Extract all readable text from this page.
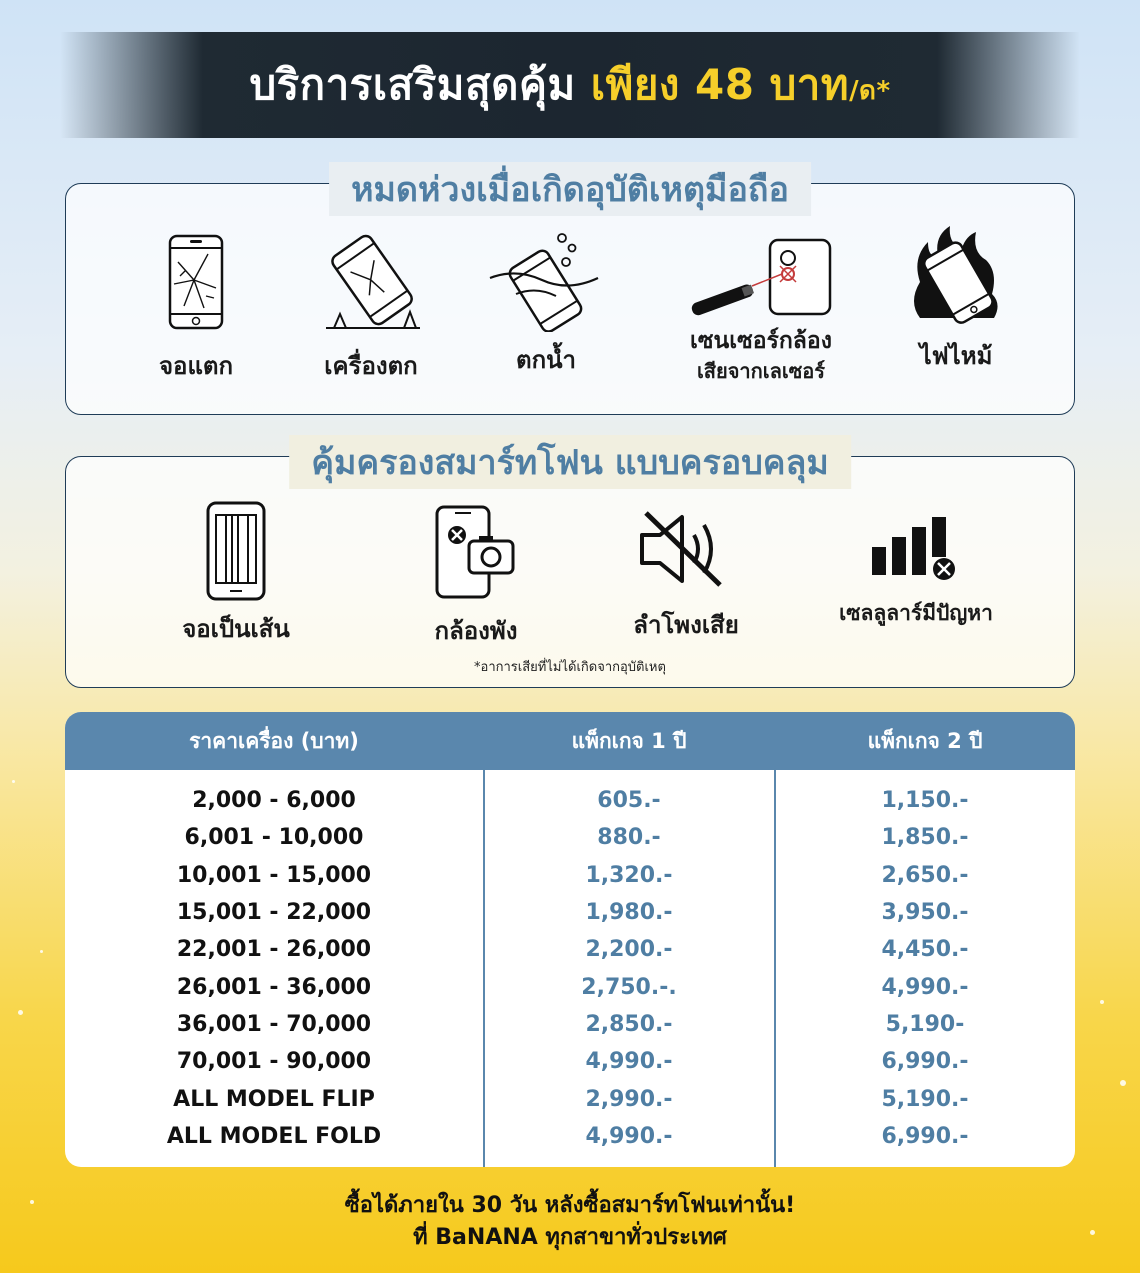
บริการเสริมสุดคุ้ม เพียง 48 บาท/ด*
หมดห่วงเมื่อเกิดอุบัติเหตุมือถือ
จอแตก	เครื่องตก	ตกน้ำ
เซนเซอร์กล้อง
เสียจากเลเซอร์
ไฟไหม้
คุ้มครองสมาร์ทโฟน แบบครอบคลุม
จอเป็นเส้น	กล้องพัง	ลำโพงเสีย	เซลลูลาร์มีปัญหา
*อาการเสียที่ไม่ได้เกิดจากอุบัติเหตุ
ราคาเครื่อง (บาท)	แพ็กเกจ 1 ปี	แพ็กเกจ 2 ปี
2,000 - 6,000	605.-	1,150.-
6,001 - 10,000	880.-	1,850.-
10,001 - 15,000	1,320.-	2,650.-
15,001 - 22,000	1,980.-	3,950.-
22,001 - 26,000	2,200.-	4,450.-
26,001 - 36,000	2,750.-.	4,990.-
36,001 - 70,000	2,850.-	5,190-
70,001 - 90,000	4,990.-	6,990.-
ALL MODEL FLIP	2,990.-	5,190.-
ALL MODEL FOLD	4,990.-	6,990.-
ซื้อได้ภายใน 30 วัน หลังซื้อสมาร์ทโฟนเท่านั้น!
ที่ BaNANA ทุกสาขาทั่วประเทศ
